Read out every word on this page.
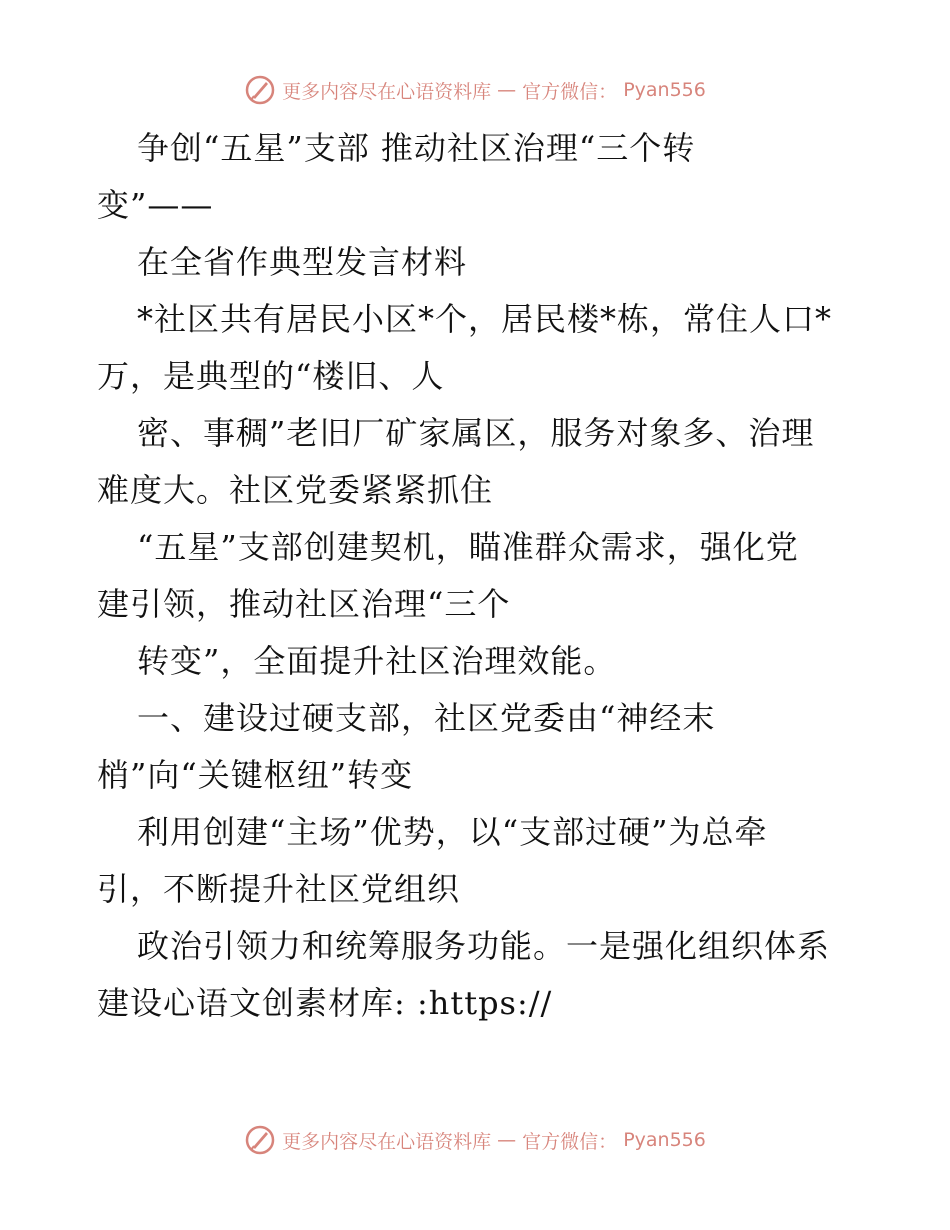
更多内容尽在心语资料库 — 官方微信： Pyan556
争创“五星”支部 推动社区治理“三个转
变”——
在全省作典型发言材料
*社区共有居民小区*个，居民楼*栋，常住人口*
万，是典型的“楼旧、人
密、事稠”老旧厂矿家属区，服务对象多、治理
难度大。社区党委紧紧抓住
“五星”支部创建契机，瞄准群众需求，强化党
建引领，推动社区治理“三个
转变”，全面提升社区治理效能。
一、建设过硬支部，社区党委由“神经末
梢”向“关键枢纽”转变
利用创建“主场”优势，以“支部过硬”为总牵
引，不断提升社区党组织
政治引领力和统筹服务功能。一是强化组织体系
建设心语文创素材库: :https://
更多内容尽在心语资料库 — 官方微信： Pyan556
